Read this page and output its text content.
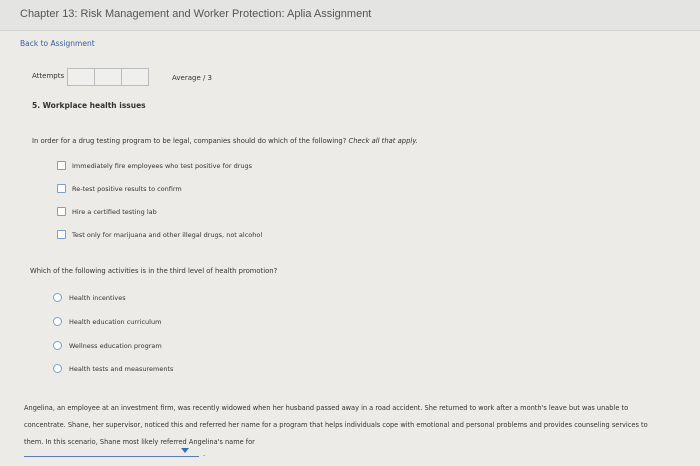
Chapter 13: Risk Management and Worker Protection: Aplia Assignment
Back to Assignment
Attempts	Average / 3
5. Workplace health issues
In order for a drug testing program to be legal, companies should do which of the following? Check all that apply.
Immediately fire employees who test positive for drugs
Re-test positive results to confirm
Hire a certified testing lab
Test only for marijuana and other illegal drugs, not alcohol
Which of the following activities is in the third level of health promotion?
Health incentives
Health education curriculum
Wellness education program
Health tests and measurements
Angelina, an employee at an investment firm, was recently widowed when her husband passed away in a road accident. She returned to work after a month's leave but was unable to concentrate. Shane, her supervisor, noticed this and referred her name for a program that helps individuals cope with emotional and personal problems and provides counseling services to them. In this scenario, Shane most likely referred Angelina's name for
.
